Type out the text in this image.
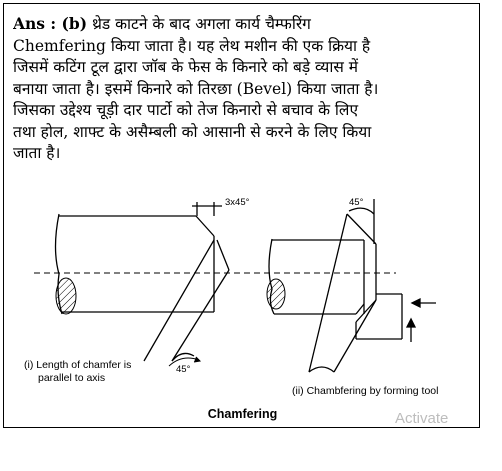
Ans : (b) थ्रेड काटने के बाद अगला कार्य चैम्फरिंग
Chemfering किया जाता है। यह लेथ मशीन की एक क्रिया है
जिसमें कटिंग टूल द्वारा जॉब के फेस के किनारे को बड़े व्यास में
बनाया जाता है। इसमें किनारे को तिरछा (Bevel) किया जाता है।
जिसका उद्देश्य चूड़ी दार पार्टो को तेज किनारो से बचाव के लिए
तथा होल, शाफ्ट के असैम्बली को आसानी से करने के लिए किया
जाता है।
3x45°
45°
45°
(i) Length of chamfer is
parallel to axis
(ii) Chambfering by forming tool
Chamfering	Activate
